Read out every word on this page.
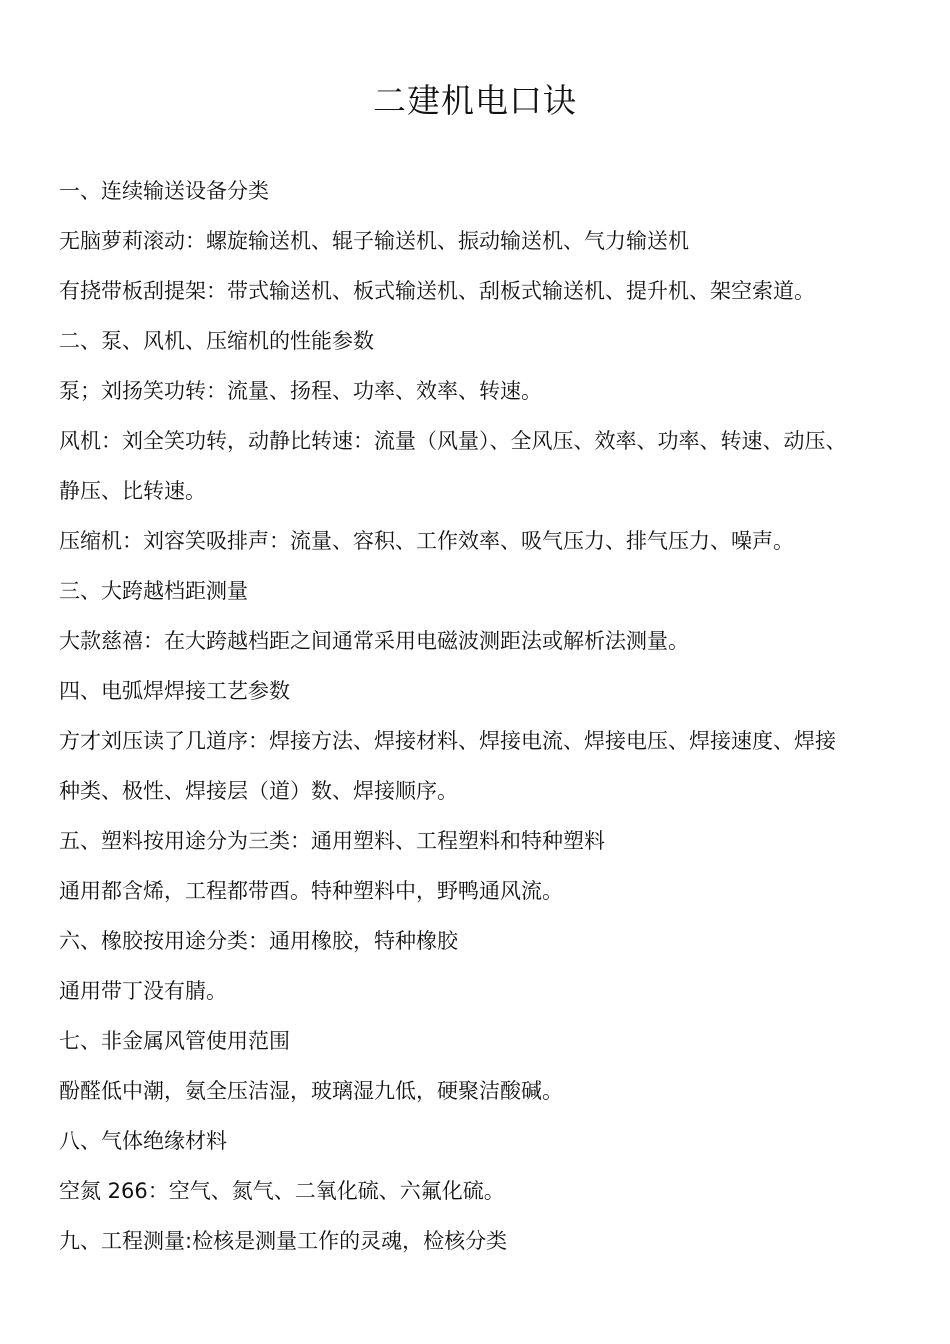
二建机电口诀

一、连续输送设备分类

无脑萝莉滚动：螺旋输送机、辊子输送机、振动输送机、气力输送机

有挠带板刮提架：带式输送机、板式输送机、刮板式输送机、提升机、架空索道。

二、泵、风机、压缩机的性能参数

泵；刘扬笑功转：流量、扬程、功率、效率、转速。

风机：刘全笑功转，动静比转速：流量（风量）、全风压、效率、功率、转速、动压、

静压、比转速。

压缩机：刘容笑吸排声：流量、容积、工作效率、吸气压力、排气压力、噪声。

三、大跨越档距测量

大款慈禧：在大跨越档距之间通常采用电磁波测距法或解析法测量。

四、电弧焊焊接工艺参数

方才刘压读了几道序：焊接方法、焊接材料、焊接电流、焊接电压、焊接速度、焊接

种类、极性、焊接层（道）数、焊接顺序。

五、塑料按用途分为三类：通用塑料、工程塑料和特种塑料

通用都含烯，工程都带酉。特种塑料中，野鸭通风流。

六、橡胶按用途分类：通用橡胶，特种橡胶

通用带丁没有腈。

七、非金属风管使用范围

酚醛低中潮，氨全压洁湿，玻璃湿九低，硬聚洁酸碱。

八、气体绝缘材料

空氮 266：空气、氮气、二氧化硫、六氟化硫。

九、工程测量:检核是测量工作的灵魂，检核分类
